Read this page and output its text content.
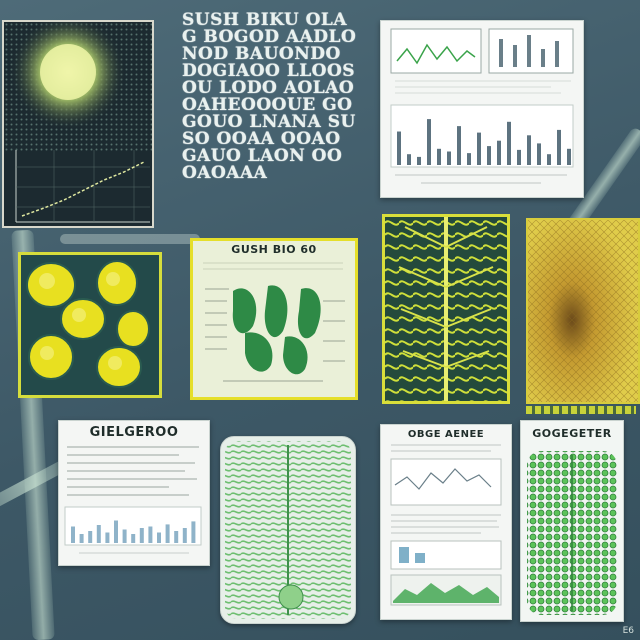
SUSH BIKU OLAG BOGOD AADLONOD BAUONDO DOGIAOO LLOOSOU LODO AOLAO OAHEOOOUE GOGOUO LNANA SUSO OOAA OOAO GAUO LAON OO OAOAAA
GUSH BIO 60
GIELGEROO	OBGE AENEE	GOGEGETER
E6
